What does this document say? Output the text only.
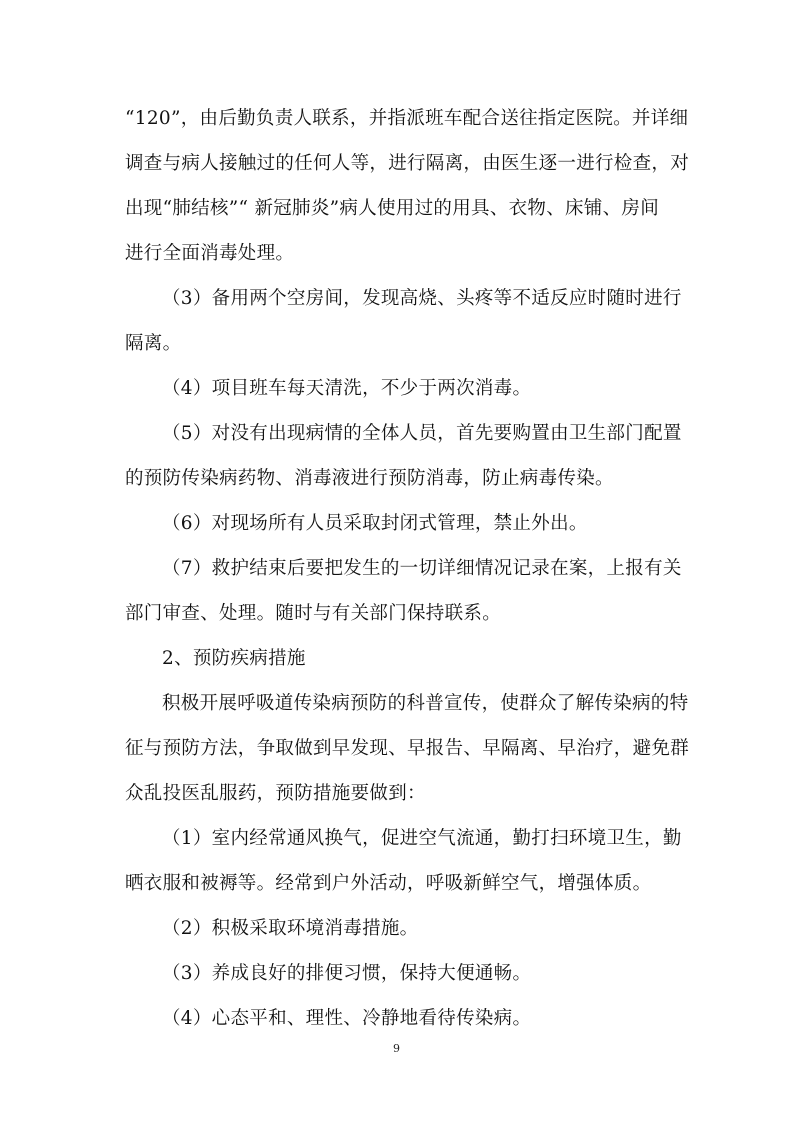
“120”，由后勤负责人联系，并指派班车配合送往指定医院。并详细
调查与病人接触过的任何人等，进行隔离，由医生逐一进行检查，对
出现“肺结核”“ 新冠肺炎”病人使用过的用具、衣物、床铺、房间
进行全面消毒处理。
（3）备用两个空房间，发现高烧、头疼等不适反应时随时进行
隔离。
（4）项目班车每天清洗，不少于两次消毒。
（5）对没有出现病情的全体人员，首先要购置由卫生部门配置
的预防传染病药物、消毒液进行预防消毒，防止病毒传染。
（6）对现场所有人员采取封闭式管理，禁止外出。
（7）救护结束后要把发生的一切详细情况记录在案，上报有关
部门审查、处理。随时与有关部门保持联系。
2、预防疾病措施
积极开展呼吸道传染病预防的科普宣传，使群众了解传染病的特
征与预防方法，争取做到早发现、早报告、早隔离、早治疗，避免群
众乱投医乱服药，预防措施要做到：
（1）室内经常通风换气，促进空气流通，勤打扫环境卫生，勤
晒衣服和被褥等。经常到户外活动，呼吸新鲜空气，增强体质。
（2）积极采取环境消毒措施。
（3）养成良好的排便习惯，保持大便通畅。
（4）心态平和、理性、冷静地看待传染病。
9
